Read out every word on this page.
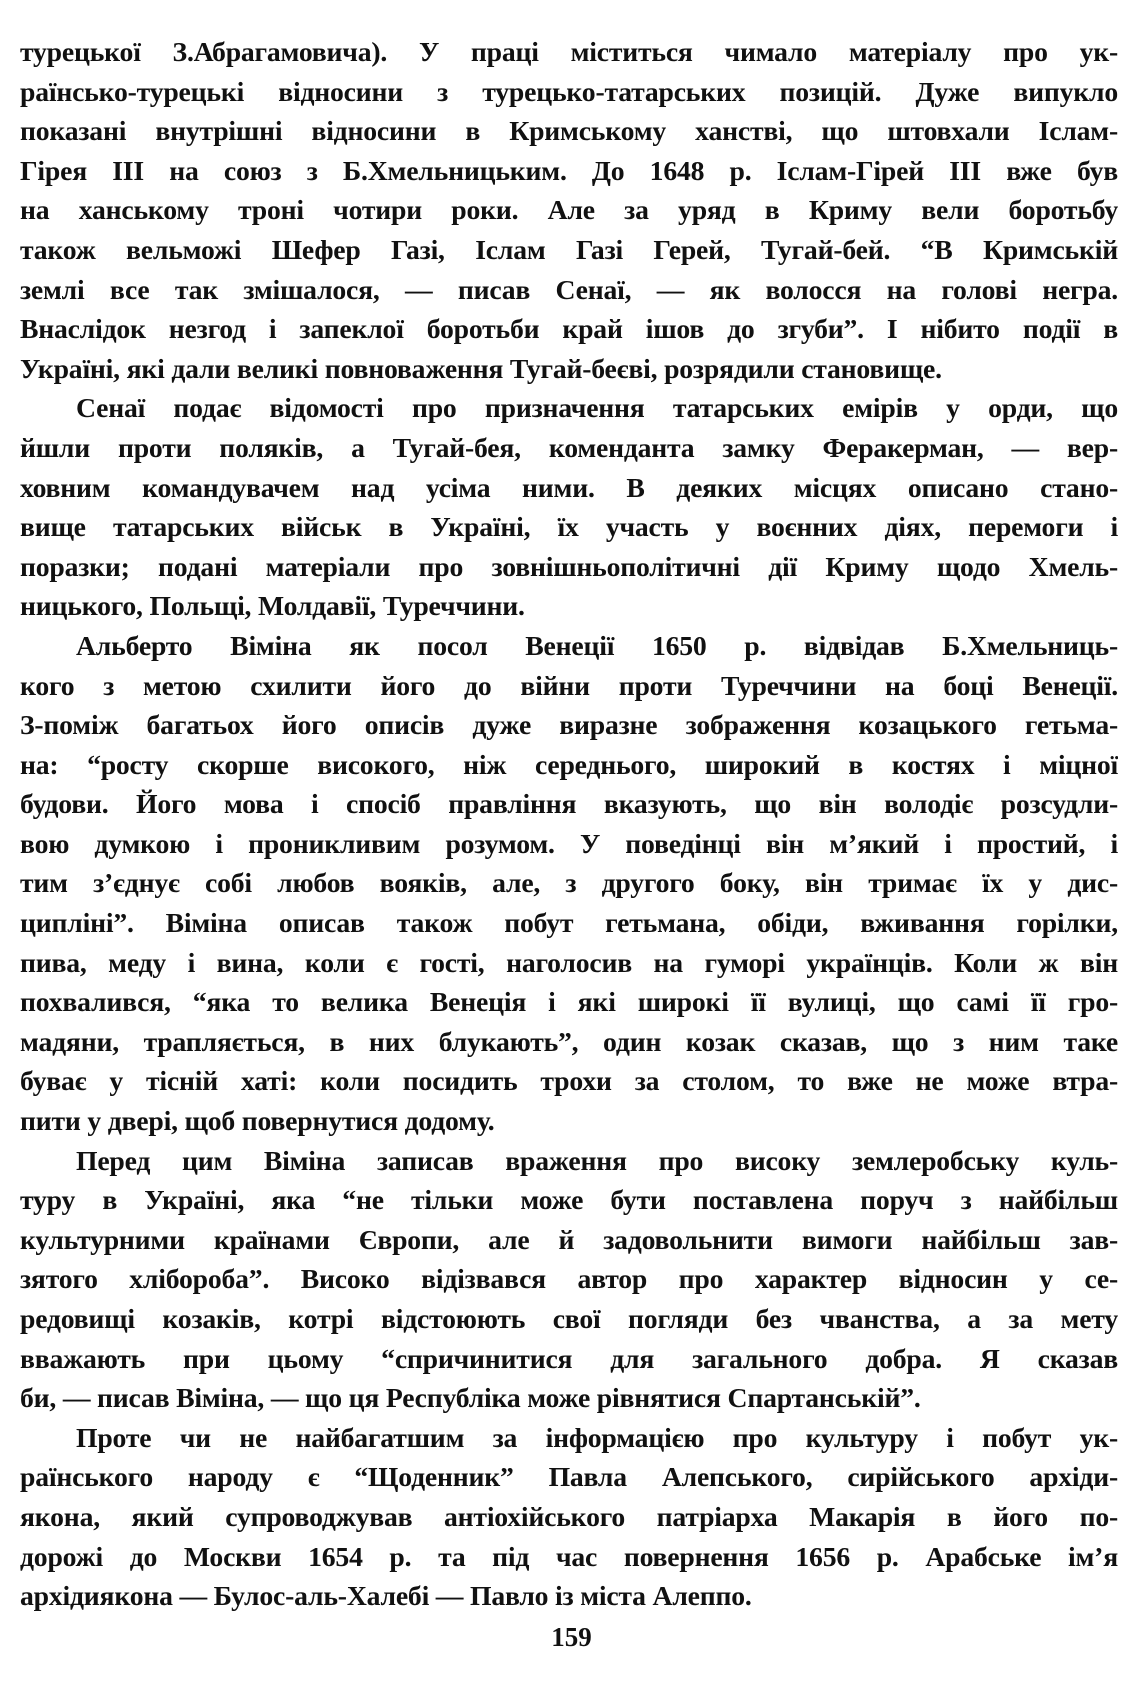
турецької З.Абрагамовича). У праці міститься чимало матеріалу про ук-
раїнсько-турецькі відносини з турецько-татарських позицій. Дуже випукло
показані внутрішні відносини в Кримському ханстві, що штовхали Іслам-
Гірея III на союз з Б.Хмельницьким. До 1648 р. Іслам-Гірей III вже був
на ханському троні чотири роки. Але за уряд в Криму вели боротьбу
також вельможі Шефер Газі, Іслам Газі Герей, Тугай-бей. “В Кримській
землі все так змішалося, — писав Сенаї, — як волосся на голові негра.
Внаслідок незгод і запеклої боротьби край ішов до згуби”. І нібито події в
Україні, які дали великі повноваження Тугай-беєві, розрядили становище.
Сенаї подає відомості про призначення татарських емірів у орди, що
йшли проти поляків, а Тугай-бея, коменданта замку Феракерман, — вер-
ховним командувачем над усіма ними. В деяких місцях описано стано-
вище татарських військ в Україні, їх участь у воєнних діях, перемоги і
поразки; подані матеріали про зовнішньополітичні дії Криму щодо Хмель-
ницького, Польщі, Молдавії, Туреччини.
Альберто Віміна як посол Венеції 1650 р. відвідав Б.Хмельниць-
кого з метою схилити його до війни проти Туреччини на боці Венеції.
З-поміж багатьох його описів дуже виразне зображення козацького гетьма-
на: “росту скорше високого, ніж середнього, широкий в костях і міцної
будови. Його мова і спосіб правління вказують, що він володіє розсудли-
вою думкою і проникливим розумом. У поведінці він м’який і простий, і
тим з’єднує собі любов вояків, але, з другого боку, він тримає їх у дис-
ципліні”. Віміна описав також побут гетьмана, обіди, вживання горілки,
пива, меду і вина, коли є гості, наголосив на гуморі українців. Коли ж він
похвалився, “яка то велика Венеція і які широкі її вулиці, що самі її гро-
мадяни, трапляється, в них блукають”, один козак сказав, що з ним таке
буває у тісній хаті: коли посидить трохи за столом, то вже не може втра-
пити у двері, щоб повернутися додому.
Перед цим Віміна записав враження про високу землеробську куль-
туру в Україні, яка “не тільки може бути поставлена поруч з найбільш
культурними країнами Європи, але й задовольнити вимоги найбільш зав-
зятого хлібороба”. Високо відізвався автор про характер відносин у се-
редовищі козаків, котрі відстоюють свої погляди без чванства, а за мету
вважають при цьому “спричинитися для загального добра. Я сказав
би, — писав Віміна, — що ця Республіка може рівнятися Спартанській”.
Проте чи не найбагатшим за інформацією про культуру і побут ук-
раїнського народу є “Щоденник” Павла Алепського, сирійського архіди-
якона, який супроводжував антіохійського патріарха Макарія в його по-
дорожі до Москви 1654 р. та під час повернення 1656 р. Арабське ім’я
архідиякона — Булос-аль-Халебі — Павло із міста Алеппо.
159
